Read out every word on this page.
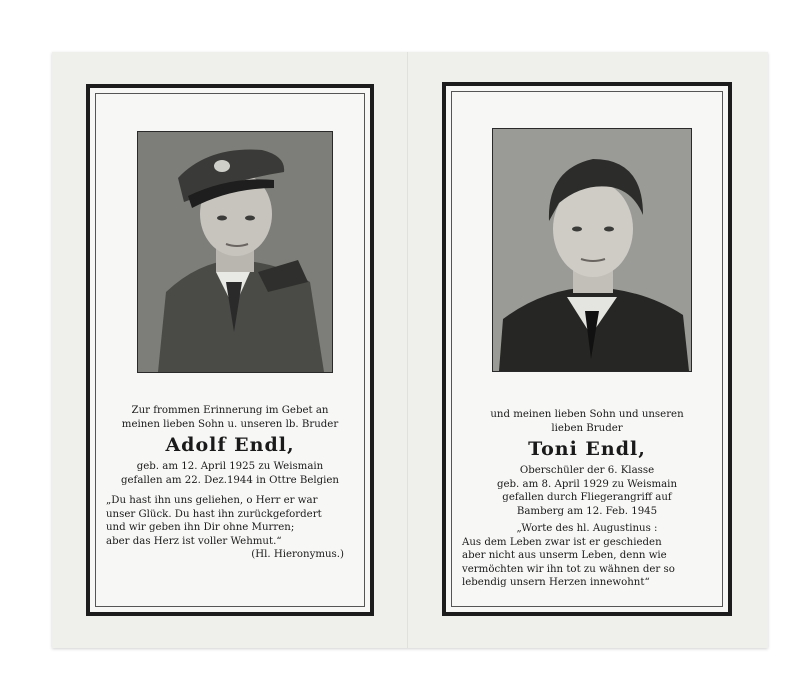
Zur frommen Erinnerung im Gebet an
meinen lieben Sohn u. unseren lb. Bruder
Adolf Endl,
geb. am 12. April 1925 zu Weismain
gefallen am 22. Dez.1944 in Ottre Belgien
„Du hast ihn uns geliehen, o Herr er war
unser Glück. Du hast ihn zurückgefordert
und wir geben ihn Dir ohne Murren;
aber das Herz ist voller Wehmut.“
(Hl. Hieronymus.)
und meinen lieben Sohn und unseren
lieben Bruder
Toni Endl,
Oberschüler der 6. Klasse
geb. am 8. April 1929 zu Weismain
gefallen durch Fliegerangriff auf
Bamberg am 12. Feb. 1945
„Worte des hl. Augustinus :
Aus dem Leben zwar ist er geschieden
aber nicht aus unserm Leben, denn wie
vermöchten wir ihn tot zu wähnen der so
lebendig unsern Herzen innewohnt“
